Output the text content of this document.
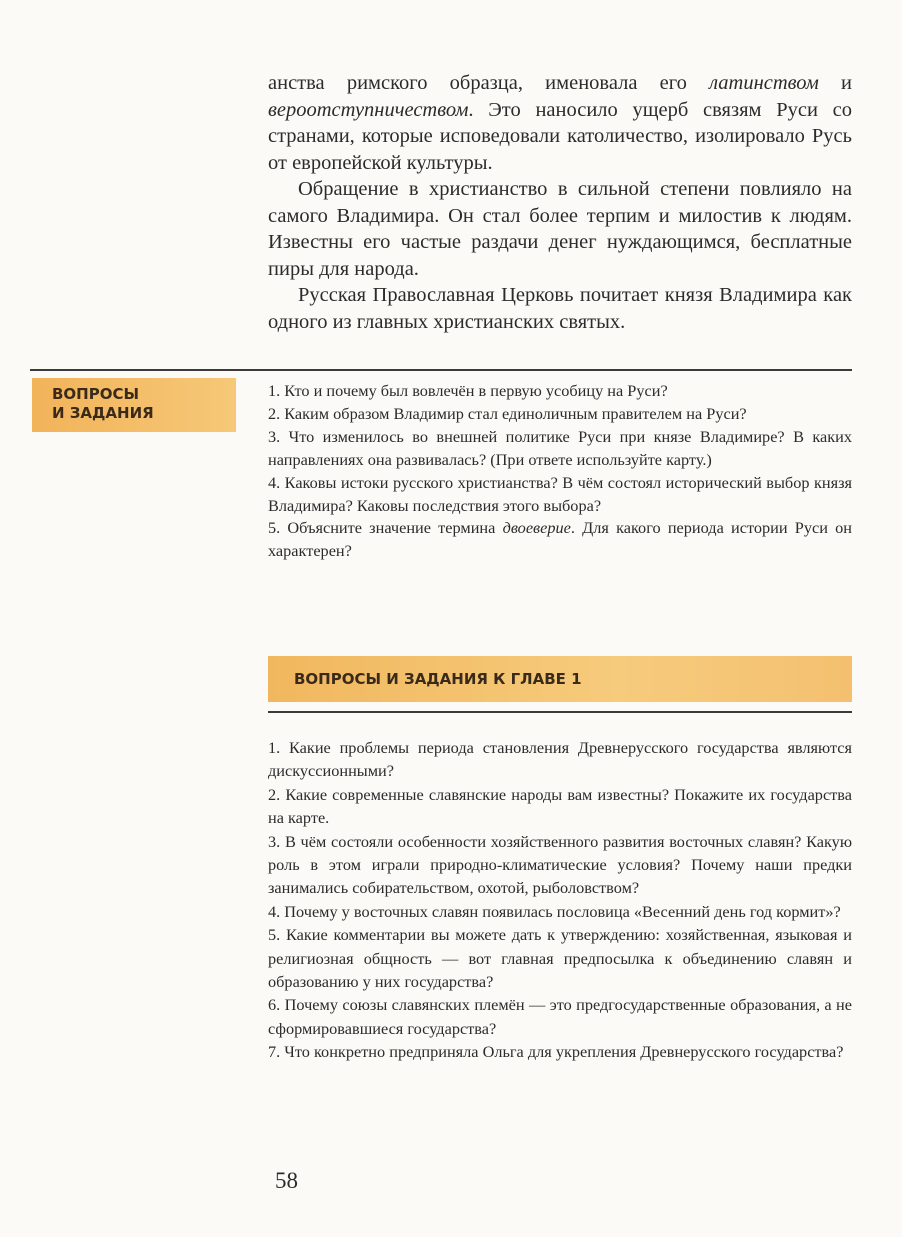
анства римского образца, именовала его латинством и вероотступничеством. Это наносило ущерб связям Руси со странами, которые исповедовали католичество, изолировало Русь от европейской культуры.

Обращение в христианство в сильной степени повлияло на самого Владимира. Он стал более терпим и милостив к людям. Известны его частые раздачи денег нуждающимся, бесплатные пиры для народа.

Русская Православная Церковь почитает князя Владимира как одного из главных христианских святых.

ВОПРОСЫ
И ЗАДАНИЯ
1. Кто и почему был вовлечён в первую усобицу на Руси?
2. Каким образом Владимир стал единоличным правителем на Руси?
3. Что изменилось во внешней политике Руси при князе Владимире? В каких направлениях она развивалась? (При ответе используйте карту.)
4. Каковы истоки русского христианства? В чём состоял исторический выбор князя Владимира? Каковы последствия этого выбора?
5. Объясните значение термина двоеверие. Для какого периода истории Руси он характерен?
ВОПРОСЫ И ЗАДАНИЯ К ГЛАВЕ 1
1. Какие проблемы периода становления Древнерусского государства являются дискуссионными?
2. Какие современные славянские народы вам известны? Покажите их государства на карте.
3. В чём состояли особенности хозяйственного развития восточных славян? Какую роль в этом играли природно-климатические условия? Почему наши предки занимались собирательством, охотой, рыболовством?
4. Почему у восточных славян появилась пословица «Весенний день год кормит»?
5. Какие комментарии вы можете дать к утверждению: хозяйственная, языковая и религиозная общность — вот главная предпосылка к объединению славян и образованию у них государства?
6. Почему союзы славянских племён — это предгосударственные образования, а не сформировавшиеся государства?
7. Что конкретно предприняла Ольга для укрепления Древнерусского государства?
58
